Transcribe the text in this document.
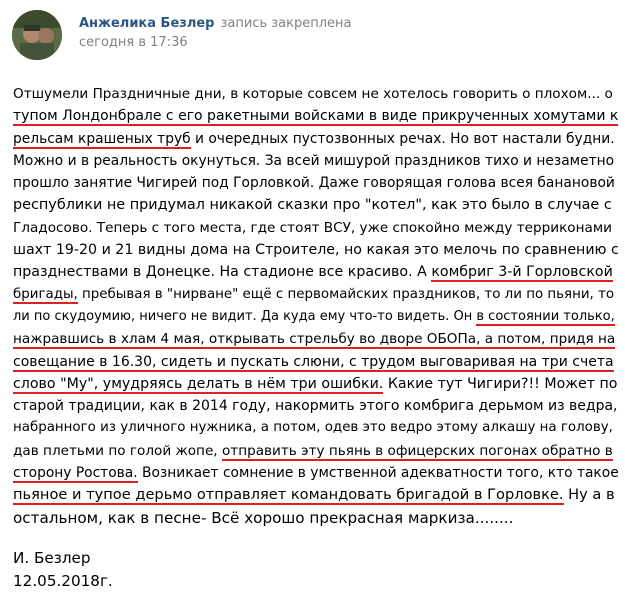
Анжелика Безлер запись закреплена
сегодня в 17:36
Отшумели Праздничные дни, в которые совсем не хотелось говорить о плохом... о
тупом Лондонбрале с его ракетными войсками в виде прикрученных хомутами к
рельсам крашеных труб и очередных пустозвонных речах. Но вот настали будни.
Можно и в реальность окунуться. За всей мишурой праздников тихо и незаметно
прошло занятие Чигирей под Горловкой. Даже говорящая голова всея банановой
республики не придумал никакой сказки про "котел", как это было в случае с
Гладосово. Теперь с того места, где стоят ВСУ, уже спокойно между терриконами
шахт 19-20 и 21 видны дома на Строителе, но какая это мелочь по сравнению с
празднествами в Донецке. На стадионе все красиво. А комбриг 3-й Горловской
бригады, пребывая в "нирване" ещё с первомайских праздников, то ли по пьяни, то
ли по скудоумию, ничего не видит. Да куда ему что-то видеть. Он в состоянии только,
нажравшись в хлам 4 мая, открывать стрельбу во дворе ОБОПа, а потом, придя на
совещание в 16.30, сидеть и пускать слюни, с трудом выговаривая на три счета
слово "Му", умудряясь делать в нём три ошибки. Какие тут Чигири?!! Может по
старой традиции, как в 2014 году, накормить этого комбрига дерьмом из ведра,
набранного из уличного нужника, а потом, одев это ведро этому алкашу на голову,
дав плетьми по голой жопе, отправить эту пьянь в офицерских погонах обратно в
сторону Ростова. Возникает сомнение в умственной адекватности того, кто такое
пьяное и тупое дерьмо отправляет командовать бригадой в Горловке. Ну а в
остальном, как в песне- Всё хорошо прекрасная маркиза........
И. Безлер
12.05.2018г.
